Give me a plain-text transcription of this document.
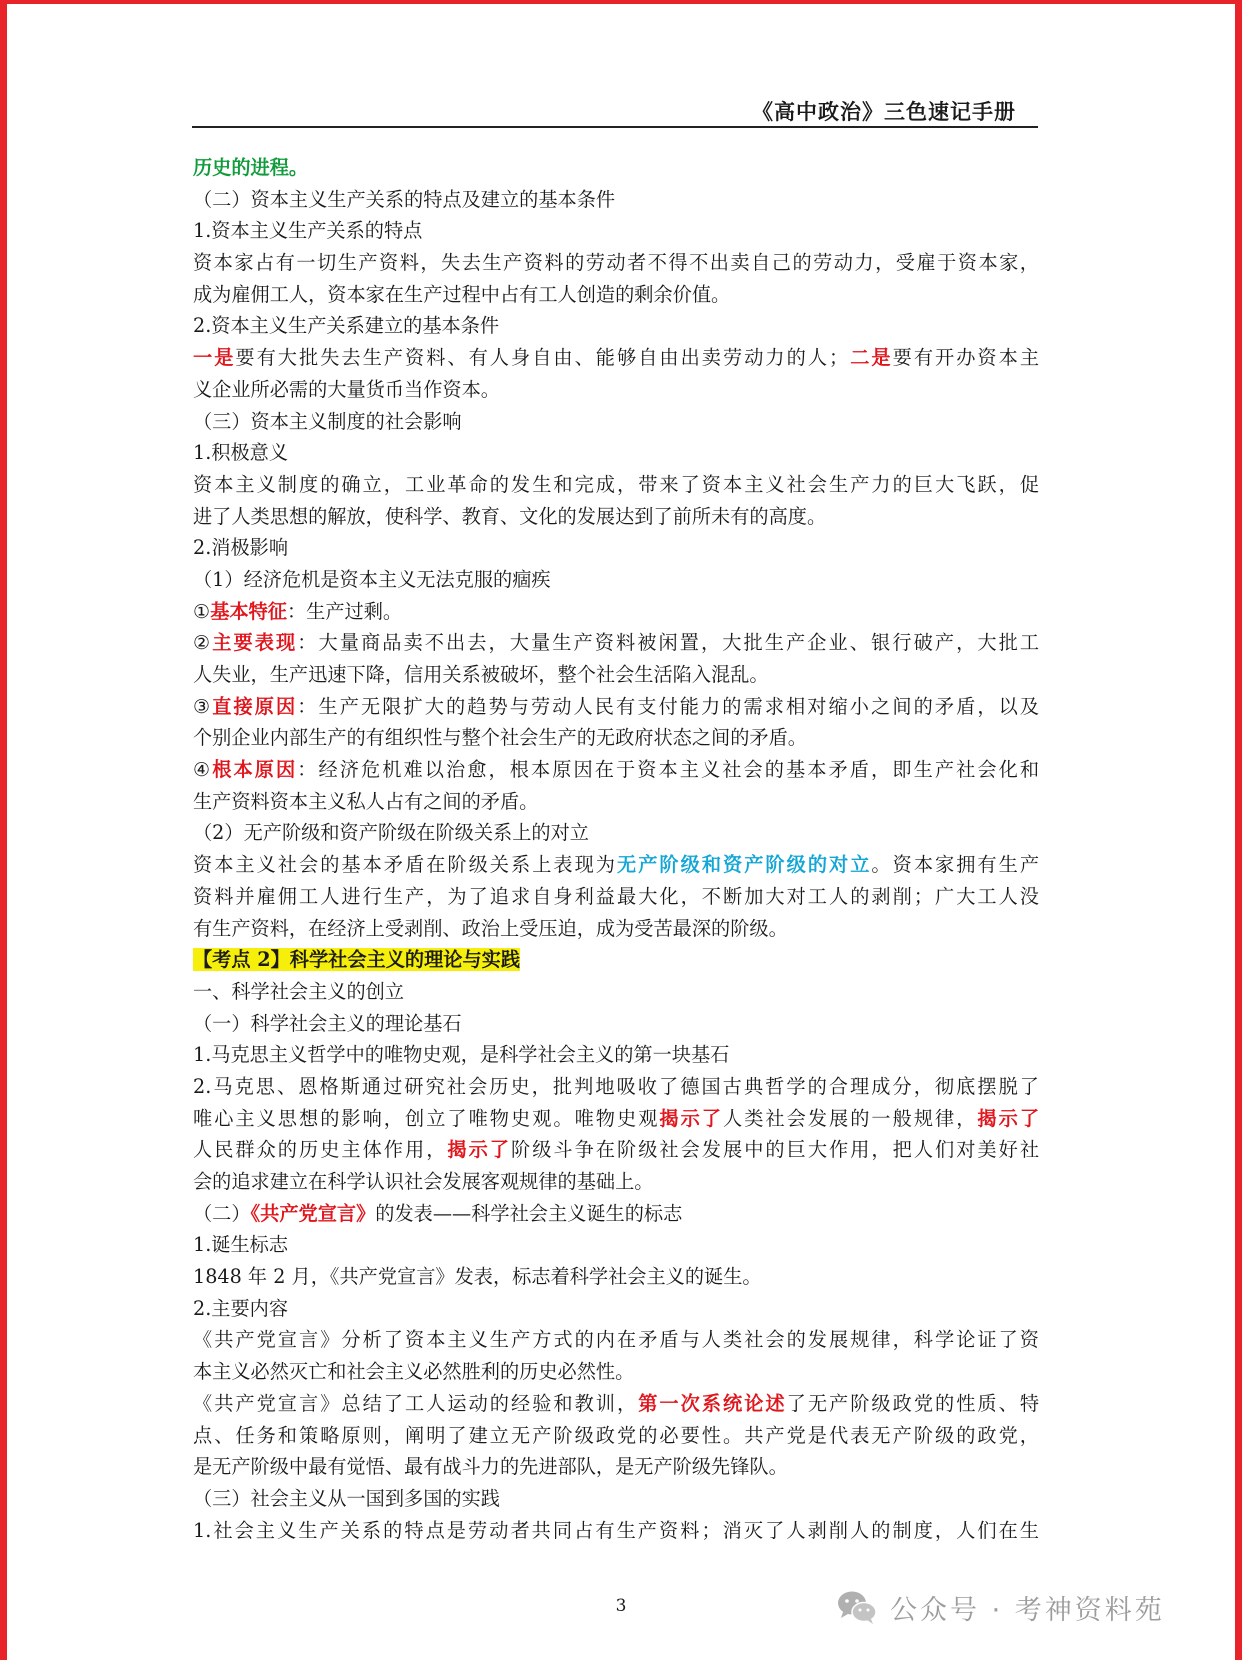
《高中政治》三色速记手册
历史的进程。
（二）资本主义生产关系的特点及建立的基本条件
1.资本主义生产关系的特点
资本家占有一切生产资料，失去生产资料的劳动者不得不出卖自己的劳动力，受雇于资本家，
成为雇佣工人，资本家在生产过程中占有工人创造的剩余价值。
2.资本主义生产关系建立的基本条件
一是要有大批失去生产资料、有人身自由、能够自由出卖劳动力的人；二是要有开办资本主
义企业所必需的大量货币当作资本。
（三）资本主义制度的社会影响
1.积极意义
资本主义制度的确立，工业革命的发生和完成，带来了资本主义社会生产力的巨大飞跃，促
进了人类思想的解放，使科学、教育、文化的发展达到了前所未有的高度。
2.消极影响
（1）经济危机是资本主义无法克服的痼疾
①基本特征：生产过剩。
②主要表现：大量商品卖不出去，大量生产资料被闲置，大批生产企业、银行破产，大批工
人失业，生产迅速下降，信用关系被破坏，整个社会生活陷入混乱。
③直接原因：生产无限扩大的趋势与劳动人民有支付能力的需求相对缩小之间的矛盾，以及
个别企业内部生产的有组织性与整个社会生产的无政府状态之间的矛盾。
④根本原因：经济危机难以治愈，根本原因在于资本主义社会的基本矛盾，即生产社会化和
生产资料资本主义私人占有之间的矛盾。
（2）无产阶级和资产阶级在阶级关系上的对立
资本主义社会的基本矛盾在阶级关系上表现为无产阶级和资产阶级的对立。资本家拥有生产
资料并雇佣工人进行生产，为了追求自身利益最大化，不断加大对工人的剥削；广大工人没
有生产资料，在经济上受剥削、政治上受压迫，成为受苦最深的阶级。
【考点 2】科学社会主义的理论与实践
一、科学社会主义的创立
（一）科学社会主义的理论基石
1.马克思主义哲学中的唯物史观，是科学社会主义的第一块基石
2.马克思、恩格斯通过研究社会历史，批判地吸收了德国古典哲学的合理成分，彻底摆脱了
唯心主义思想的影响，创立了唯物史观。唯物史观揭示了人类社会发展的一般规律，揭示了
人民群众的历史主体作用，揭示了阶级斗争在阶级社会发展中的巨大作用，把人们对美好社
会的追求建立在科学认识社会发展客观规律的基础上。
（二）《共产党宣言》的发表——科学社会主义诞生的标志
1.诞生标志
1848 年 2 月，《共产党宣言》发表，标志着科学社会主义的诞生。
2.主要内容
《共产党宣言》分析了资本主义生产方式的内在矛盾与人类社会的发展规律，科学论证了资
本主义必然灭亡和社会主义必然胜利的历史必然性。
《共产党宣言》总结了工人运动的经验和教训，第一次系统论述了无产阶级政党的性质、特
点、任务和策略原则，阐明了建立无产阶级政党的必要性。共产党是代表无产阶级的政党，
是无产阶级中最有觉悟、最有战斗力的先进部队，是无产阶级先锋队。
（三）社会主义从一国到多国的实践
1.社会主义生产关系的特点是劳动者共同占有生产资料；消灭了人剥削人的制度，人们在生
3	公众号 · 考神资料苑
